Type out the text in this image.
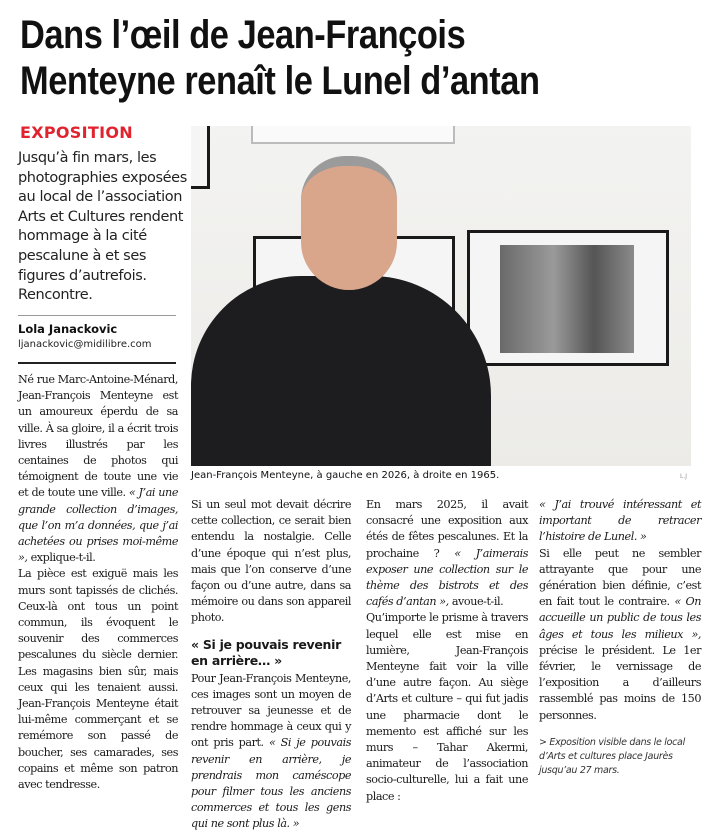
Dans l’œil de Jean-François
Menteyne renaît le Lunel d’antan
EXPOSITION
Jusqu’à fin mars, les photographies exposées au local de l’association Arts et Cultures rendent hommage à la cité pescalune à et ses figures d’autrefois. Rencontre.
Lola Janackovic
ljanackovic@midilibre.com
Jean-François Menteyne, à gauche en 2026, à droite en 1965.	L.J

Né rue Marc-Antoine-Ménard, Jean-François Menteyne est un amoureux éperdu de sa ville. À sa gloire, il a écrit trois livres illustrés par les centaines de photos qui témoignent de toute une vie et de toute une ville. « J’ai une grande collection d’images, que l’on m’a données, que j’ai achetées ou prises moi-même », explique-t-il.

La pièce est exiguë mais les murs sont tapissés de clichés. Ceux-là ont tous un point commun, ils évoquent le souvenir des commerces pescalunes du siècle dernier. Les magasins bien sûr, mais ceux qui les tenaient aussi. Jean-François Menteyne était lui-même commerçant et se remémore son passé de boucher, ses camarades, ses copains et même son patron avec tendresse.

Si un seul mot devait décrire cette collection, ce serait bien entendu la nostalgie. Celle d’une époque qui n’est plus, mais que l’on conserve d’une façon ou d’une autre, dans sa mémoire ou dans son appareil photo.

« Si je pouvais revenir en arrière… »

Pour Jean-François Menteyne, ces images sont un moyen de retrouver sa jeunesse et de rendre hommage à ceux qui y ont pris part. « Si je pouvais revenir en arrière, je prendrais mon caméscope pour filmer tous les anciens commerces et tous les gens qui ne sont plus là. »

En mars 2025, il avait consacré une exposition aux étés de fêtes pescalunes. Et la prochaine ? « J’aimerais exposer une collection sur le thème des bistrots et des cafés d’antan », avoue-t-il.

Qu’importe le prisme à travers lequel elle est mise en lumière, Jean-François Menteyne fait voir la ville d’une autre façon. Au siège d’Arts et culture – qui fut jadis une pharmacie dont le memento est affiché sur les murs – Tahar Akermi, animateur de l’association socio-culturelle, lui a fait une place :

« J’ai trouvé intéressant et important de retracer l’histoire de Lunel. »

Si elle peut ne sembler attrayante que pour une génération bien définie, c’est en fait tout le contraire. « On accueille un public de tous les âges et tous les milieux », précise le président. Le 1er février, le vernissage de l’exposition a d’ailleurs rassemblé pas moins de 150 personnes.

> Exposition visible dans le local d’Arts et cultures place Jaurès jusqu’au 27 mars.
